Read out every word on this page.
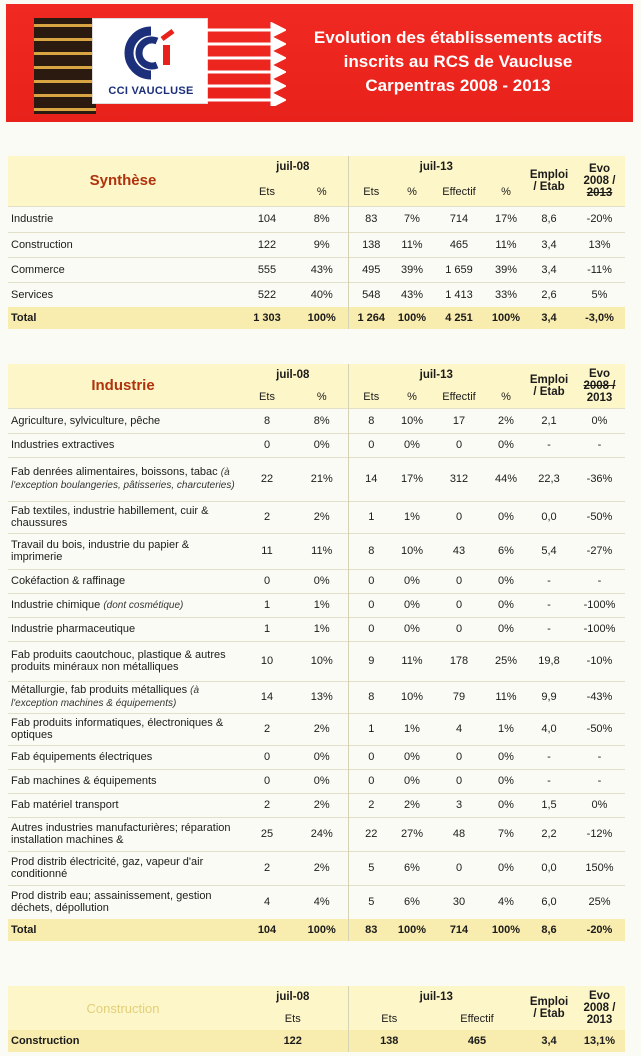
CCI VAUCLUSE
Evolution des établissements actifs
inscrits au RCS de Vaucluse
Carpentras 2008 - 2013
Synthèse	juil-08		juil-13				Emploi / Etab	Evo
2008 /
2013

	Ets	%	Ets	%	Effectif	%		
Industrie	104	8%	83	7%	714	17%	8,6	-20%
Construction	122	9%	138	11%	465	11%	3,4	13%
Commerce	555	43%	495	39%	1 659	39%	3,4	-11%
Services	522	40%	548	43%	1 413	33%	2,6	5%
Total	1 303	100%	1 264	100%	4 251	100%	3,4	-3,0%
Industrie	juil-08		juil-13				Emploi / Etab	Evo
2008 /
2013

	Ets	%	Ets	%	Effectif	%		
Agriculture, sylviculture, pêche	8	8%	8	10%	17	2%	2,1	0%
Industries extractives	0	0%	0	0%	0	0%	-	-
Fab denrées alimentaires, boissons, tabac (à l'exception boulangeries, pâtisseries, charcuteries)	22	21%	14	17%	312	44%	22,3	-36%
Fab textiles, industrie habillement, cuir & chaussures	2	2%	1	1%	0	0%	0,0	-50%
Travail du bois, industrie du papier & imprimerie	11	11%	8	10%	43	6%	5,4	-27%
Cokéfaction & raffinage	0	0%	0	0%	0	0%	-	-
Industrie chimique (dont cosmétique)	1	1%	0	0%	0	0%	-	-100%
Industrie pharmaceutique	1	1%	0	0%	0	0%	-	-100%
Fab produits caoutchouc, plastique & autres produits minéraux non métalliques	10	10%	9	11%	178	25%	19,8	-10%
Métallurgie, fab produits métalliques (à l'exception machines & équipements)	14	13%	8	10%	79	11%	9,9	-43%
Fab produits informatiques, électroniques & optiques	2	2%	1	1%	4	1%	4,0	-50%
Fab équipements électriques	0	0%	0	0%	0	0%	-	-
Fab machines & équipements	0	0%	0	0%	0	0%	-	-
Fab matériel transport	2	2%	2	2%	3	0%	1,5	0%
Autres industries manufacturières; réparation installation machines &	25	24%	22	27%	48	7%	2,2	-12%
Prod distrib électricité, gaz, vapeur d'air conditionné	2	2%	5	6%	0	0%	0,0	150%
Prod distrib eau; assainissement, gestion déchets, dépollution	4	4%	5	6%	30	4%	6,0	25%
Total	104	100%	83	100%	714	100%	8,6	-20%
Construction	juil-08	juil-13		Emploi / Etab	Evo
2008 /
2013

	Ets	Ets	Effectif		
Construction	122	138	465	3,4	13,1%
